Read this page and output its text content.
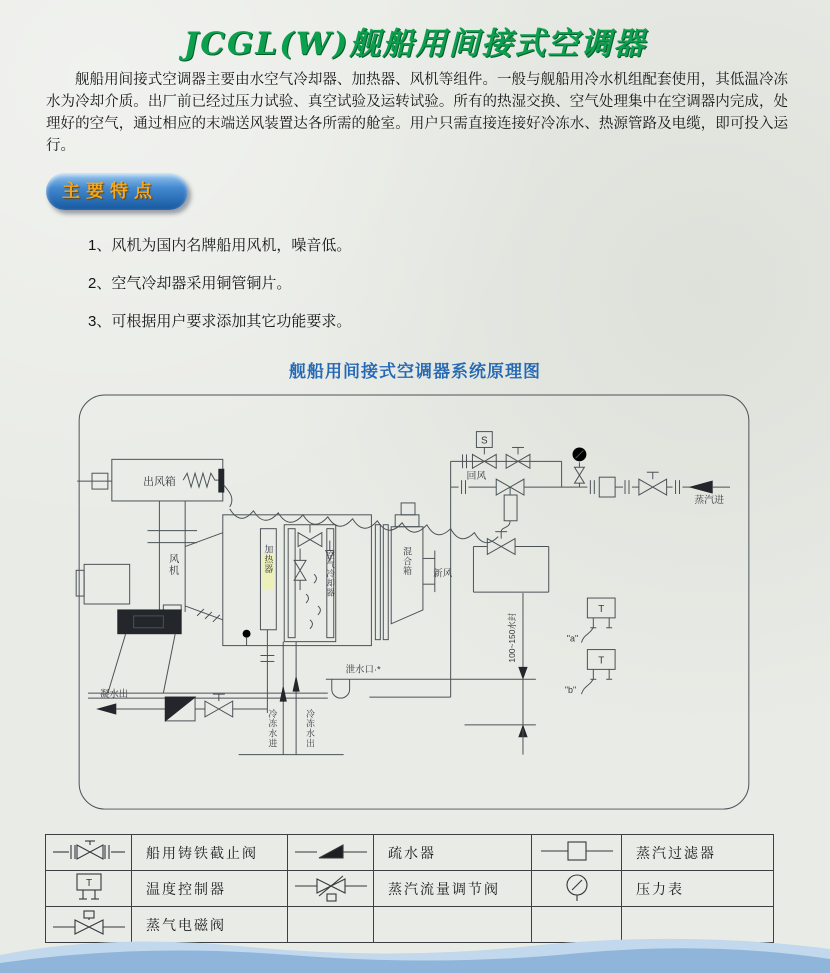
JCGL(W)舰船用间接式空调器

舰船用间接式空调器主要由水空气冷却器、加热器、风机等组件。一般与舰船用冷水机组配套使用，其低温冷冻水为冷却介质。出厂前已经过压力试验、真空试验及运转试验。所有的热湿交换、空气处理集中在空调器内完成，处理好的空气，通过相应的末端送风装置达各所需的舱室。用户只需直接连接好冷冻水、热源管路及电缆，即可投入运行。

主要特点
1、风机为国内名牌船用风机，噪音低。
2、空气冷却器采用铜管铜片。
3、可根据用户要求添加其它功能要求。
舰船用间接式空调器系统原理图
出风箱
风机	加热器	空气冷却器	混合箱 新风
回风
S
蒸汽进
泄水口·*
100~150水封
冷冻水进	冷冻水出
凝水出
T
"a"
T
"b"
	船用铸铁截止阀		疏水器		蒸汽过滤器

T	温度控制器		蒸汽流量调节阀		压力表
	蒸气电磁阀				
